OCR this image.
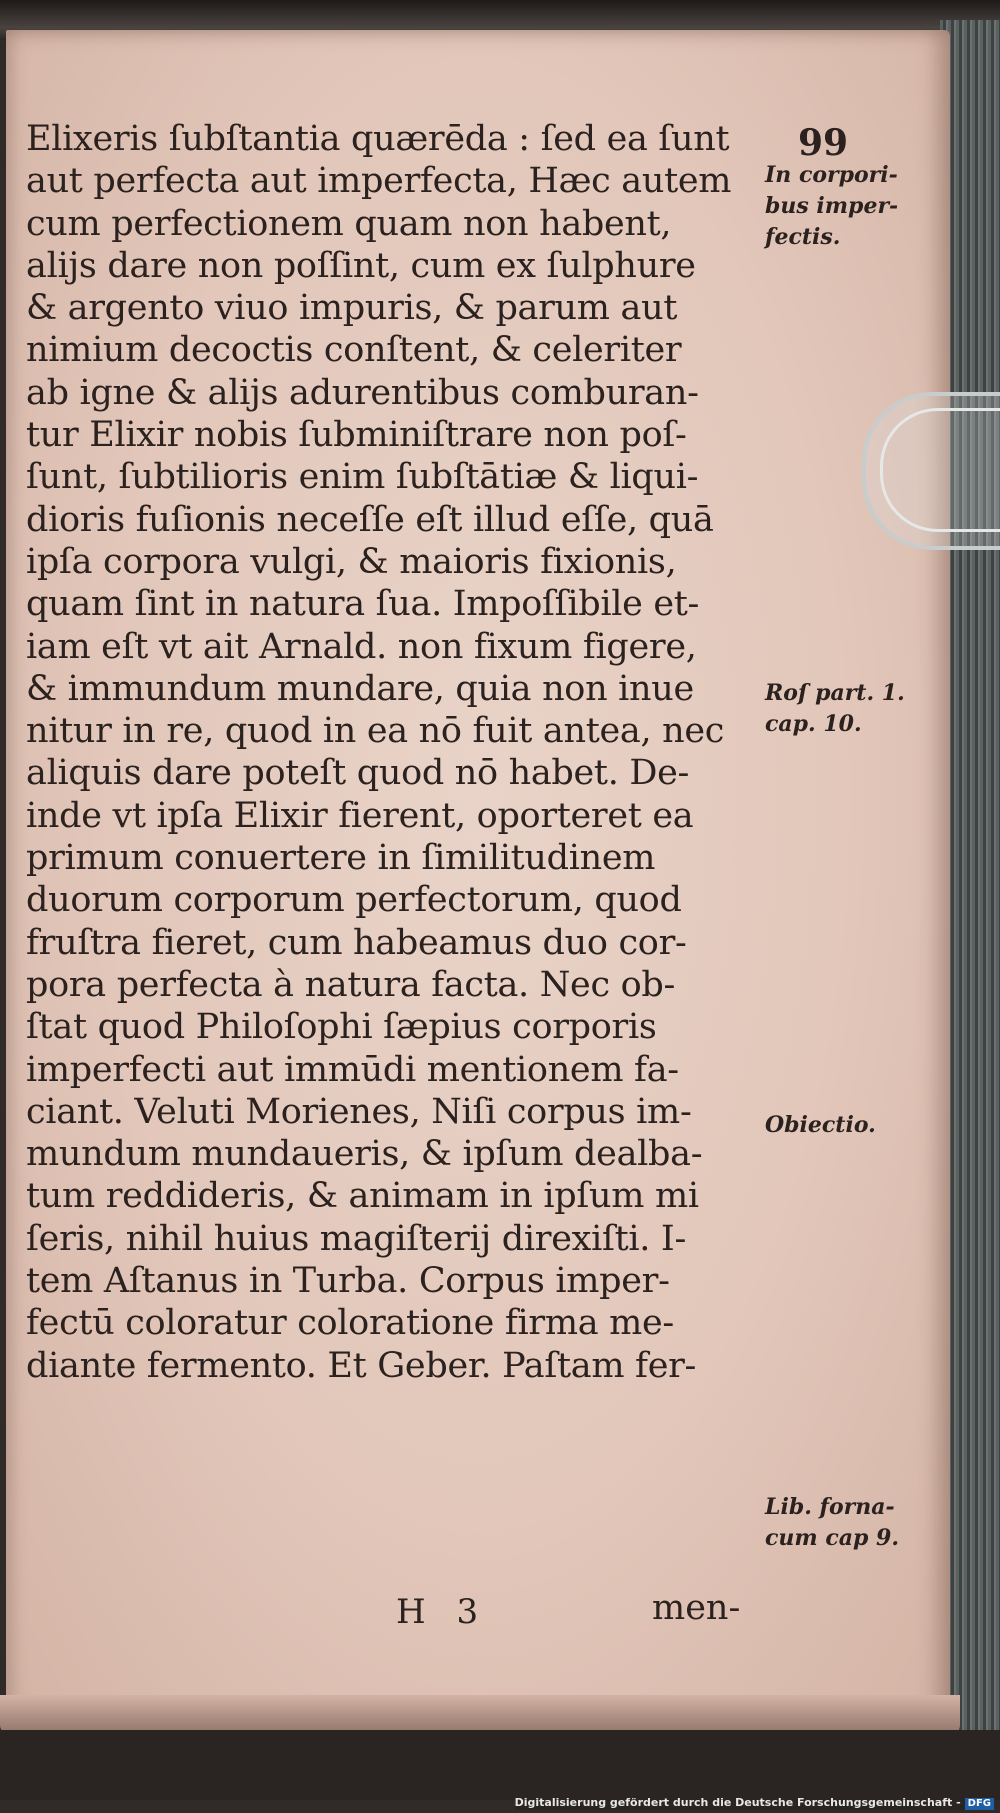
99
Elixeris ſubſtantia quærēda : ſed ea ſunt
aut perfecta aut imperfecta, Hæc autem
cum perfectionem quam non habent,
alijs dare non poſſint, cum ex ſulphure
& argento viuo impuris, & parum aut
nimium decoctis conſtent, & celeriter
ab igne & alijs adurentibus comburan-
tur Elixir nobis ſubminiſtrare non poſ-
ſunt, ſubtilioris enim ſubſtātiæ & liqui-
dioris fuſionis neceſſe eſt illud eſſe, quā
ipſa corpora vulgi, & maioris fixionis,
quam ſint in natura ſua. Impoſſibile et-
iam eſt vt ait Arnald. non fixum figere,
& immundum mundare, quia non inue
nitur in re, quod in ea nō fuit antea, nec
aliquis dare poteſt quod nō habet. De-
inde vt ipſa Elixir fierent, oporteret ea
primum conuertere in ſimilitudinem
duorum corporum perfectorum, quod
fruſtra fieret, cum habeamus duo cor-
pora perfecta à natura facta. Nec ob-
ſtat quod Philoſophi ſæpius corporis
imperfecti aut immūdi mentionem fa-
ciant. Veluti Morienes, Niſi corpus im-
mundum mundaueris, & ipſum dealba-
tum reddideris, & animam in ipſum mi
ſeris, nihil huius magiſterij direxiſti. I-
tem Aſtanus in Turba. Corpus imper-
fectū coloratur coloratione firma me-
diante fermento. Et Geber. Paſtam fer-
In corpori-
bus imper-
fectis.
Roſ part. 1.
cap. 10.
Obiectio.
Lib. forna-
cum cap 9.
H 3	men-
Digitalisierung gefördert durch die Deutsche Forschungsgemeinschaft - DFG
